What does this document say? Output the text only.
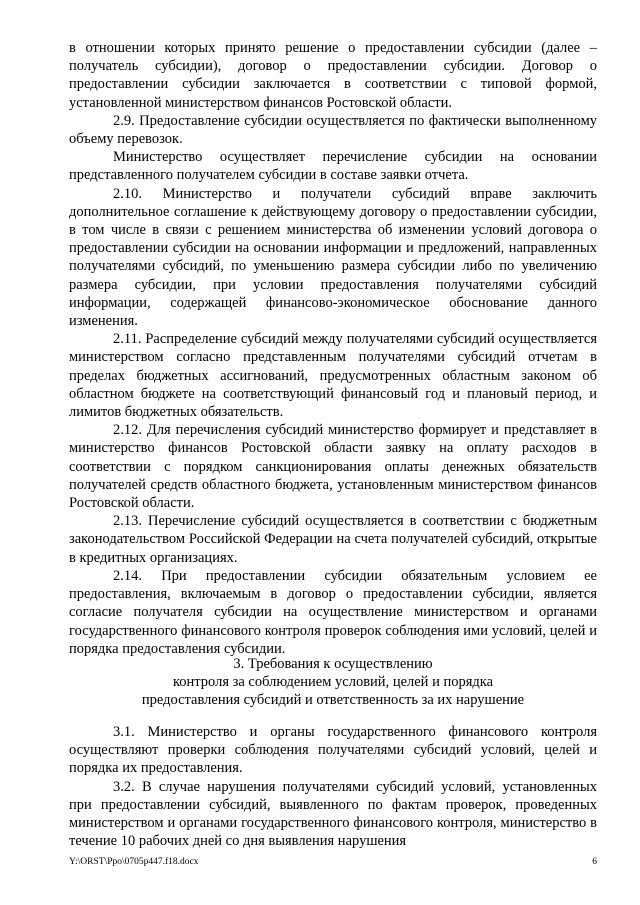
в отношении которых принято решение о предоставлении субсидии (далее – получатель субсидии), договор о предоставлении субсидии. Договор о предоставлении субсидии заключается в соответствии с типовой формой, установленной министерством финансов Ростовской области.

2.9. Предоставление субсидии осуществляется по фактически выполненному объему перевозок.

Министерство осуществляет перечисление субсидии на основании представленного получателем субсидии в составе заявки отчета.

2.10. Министерство и получатели субсидий вправе заключить дополнительное соглашение к действующему договору о предоставлении субсидии, в том числе в связи с решением министерства об изменении условий договора о предоставлении субсидии на основании информации и предложений, направленных получателями субсидий, по уменьшению размера субсидии либо по увеличению размера субсидии, при условии предоставления получателями субсидий информации, содержащей финансово-экономическое обоснование данного изменения.

2.11. Распределение субсидий между получателями субсидий осуществляется министерством согласно представленным получателями субсидий отчетам в пределах бюджетных ассигнований, предусмотренных областным законом об областном бюджете на соответствующий финансовый год и плановый период, и лимитов бюджетных обязательств.

2.12. Для перечисления субсидий министерство формирует и представляет в министерство финансов Ростовской области заявку на оплату расходов в соответствии с порядком санкционирования оплаты денежных обязательств получателей средств областного бюджета, установленным министерством финансов Ростовской области.

2.13. Перечисление субсидий осуществляется в соответствии с бюджетным законодательством Российской Федерации на счета получателей субсидий, открытые в кредитных организациях.

2.14. При предоставлении субсидии обязательным условием ее предоставления, включаемым в договор о предоставлении субсидии, является согласие получателя субсидии на осуществление министерством и органами государственного финансового контроля проверок соблюдения ими условий, целей и порядка предоставления субсидии.

3. Требования к осуществлению
контроля за соблюдением условий, целей и порядка
предоставления субсидий и ответственность за их нарушение

3.1. Министерство и органы государственного финансового контроля осуществляют проверки соблюдения получателями субсидий условий, целей и порядка их предоставления.

3.2. В случае нарушения получателями субсидий условий, установленных при предоставлении субсидий, выявленного по фактам проверок, проведенных министерством и органами государственного финансового контроля, министерство в течение 10 рабочих дней со дня выявления нарушения

Y:\ORST\Ppo\0705p447.f18.docx	6
